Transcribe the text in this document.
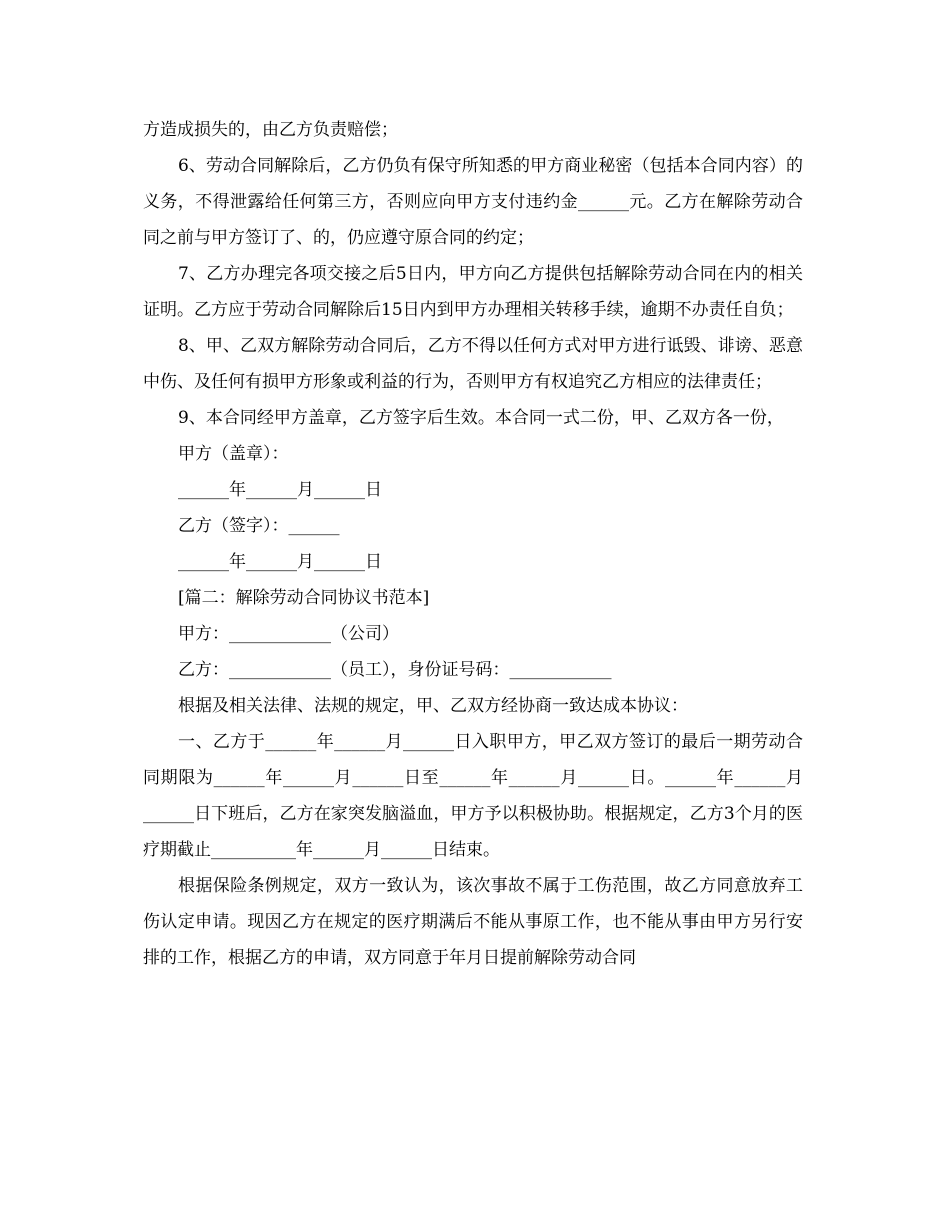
方造成损失的，由乙方负责赔偿；

6、劳动合同解除后，乙方仍负有保守所知悉的甲方商业秘密（包括本合同内容）的义务，不得泄露给任何第三方，否则应向甲方支付违约金______元。乙方在解除劳动合同之前与甲方签订了、的，仍应遵守原合同的约定；

7、乙方办理完各项交接之后5日内，甲方向乙方提供包括解除劳动合同在内的相关证明。乙方应于劳动合同解除后15日内到甲方办理相关转移手续，逾期不办责任自负；

8、甲、乙双方解除劳动合同后，乙方不得以任何方式对甲方进行诋毁、诽谤、恶意中伤、及任何有损甲方形象或利益的行为，否则甲方有权追究乙方相应的法律责任；

9、本合同经甲方盖章，乙方签字后生效。本合同一式二份，甲、乙双方各一份，

甲方（盖章）：

______年______月______日

乙方（签字）：______

______年______月______日

[篇二：解除劳动合同协议书范本]

甲方：____________（公司）

乙方：____________（员工），身份证号码：____________

根据及相关法律、法规的规定，甲、乙双方经协商一致达成本协议：

一、乙方于______年______月______日入职甲方，甲乙双方签订的最后一期劳动合同期限为______年______月______日至______年______月______日。______年______月______日下班后，乙方在家突发脑溢血，甲方予以积极协助。根据规定，乙方3个月的医疗期截止__________年______月______日结束。

根据保险条例规定，双方一致认为，该次事故不属于工伤范围，故乙方同意放弃工伤认定申请。现因乙方在规定的医疗期满后不能从事原工作，也不能从事由甲方另行安排的工作，根据乙方的申请，双方同意于年月日提前解除劳动合同
